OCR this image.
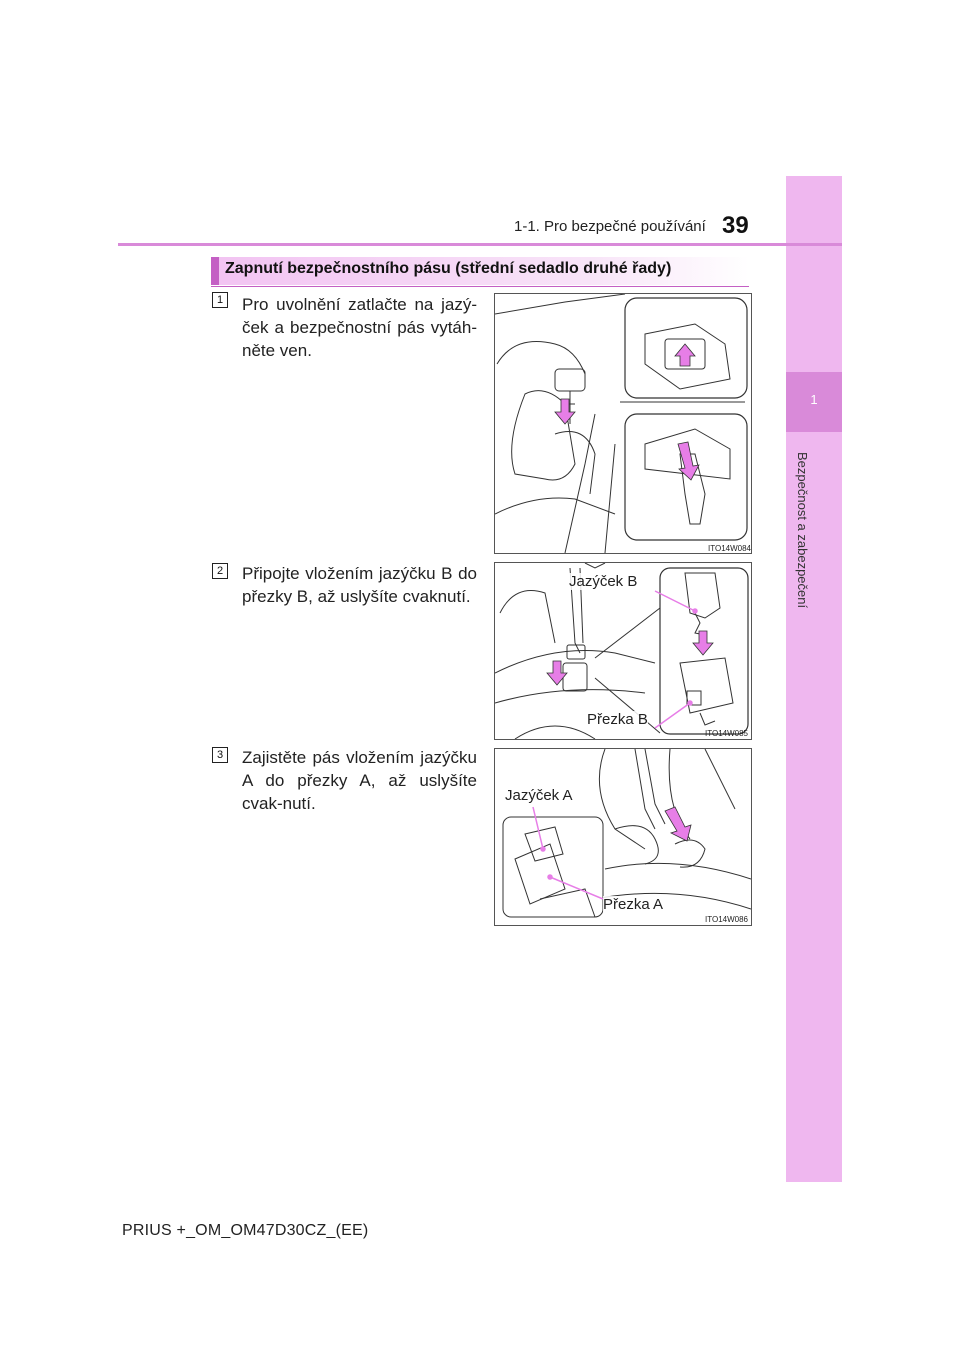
1
Bezpečnost a zabezpečení
1-1. Pro bezpečné používání 39
Zapnutí bezpečnostního pásu (střední sedadlo druhé řady)
1 Pro uvolnění zatlačte na jazý-ček a bezpečnostní pás vytáh-něte ven.
ITO14W084
2 Připojte vložením jazýčku B do přezky B, až uslyšíte cvaknutí.
Jazýček B
Přezka B
ITO14W085
3 Zajistěte pás vložením jazýčku A do přezky A, až uslyšíte cvak-nutí.	Jazýček A
Přezka A
ITO14W086
PRIUS +_OM_OM47D30CZ_(EE)
